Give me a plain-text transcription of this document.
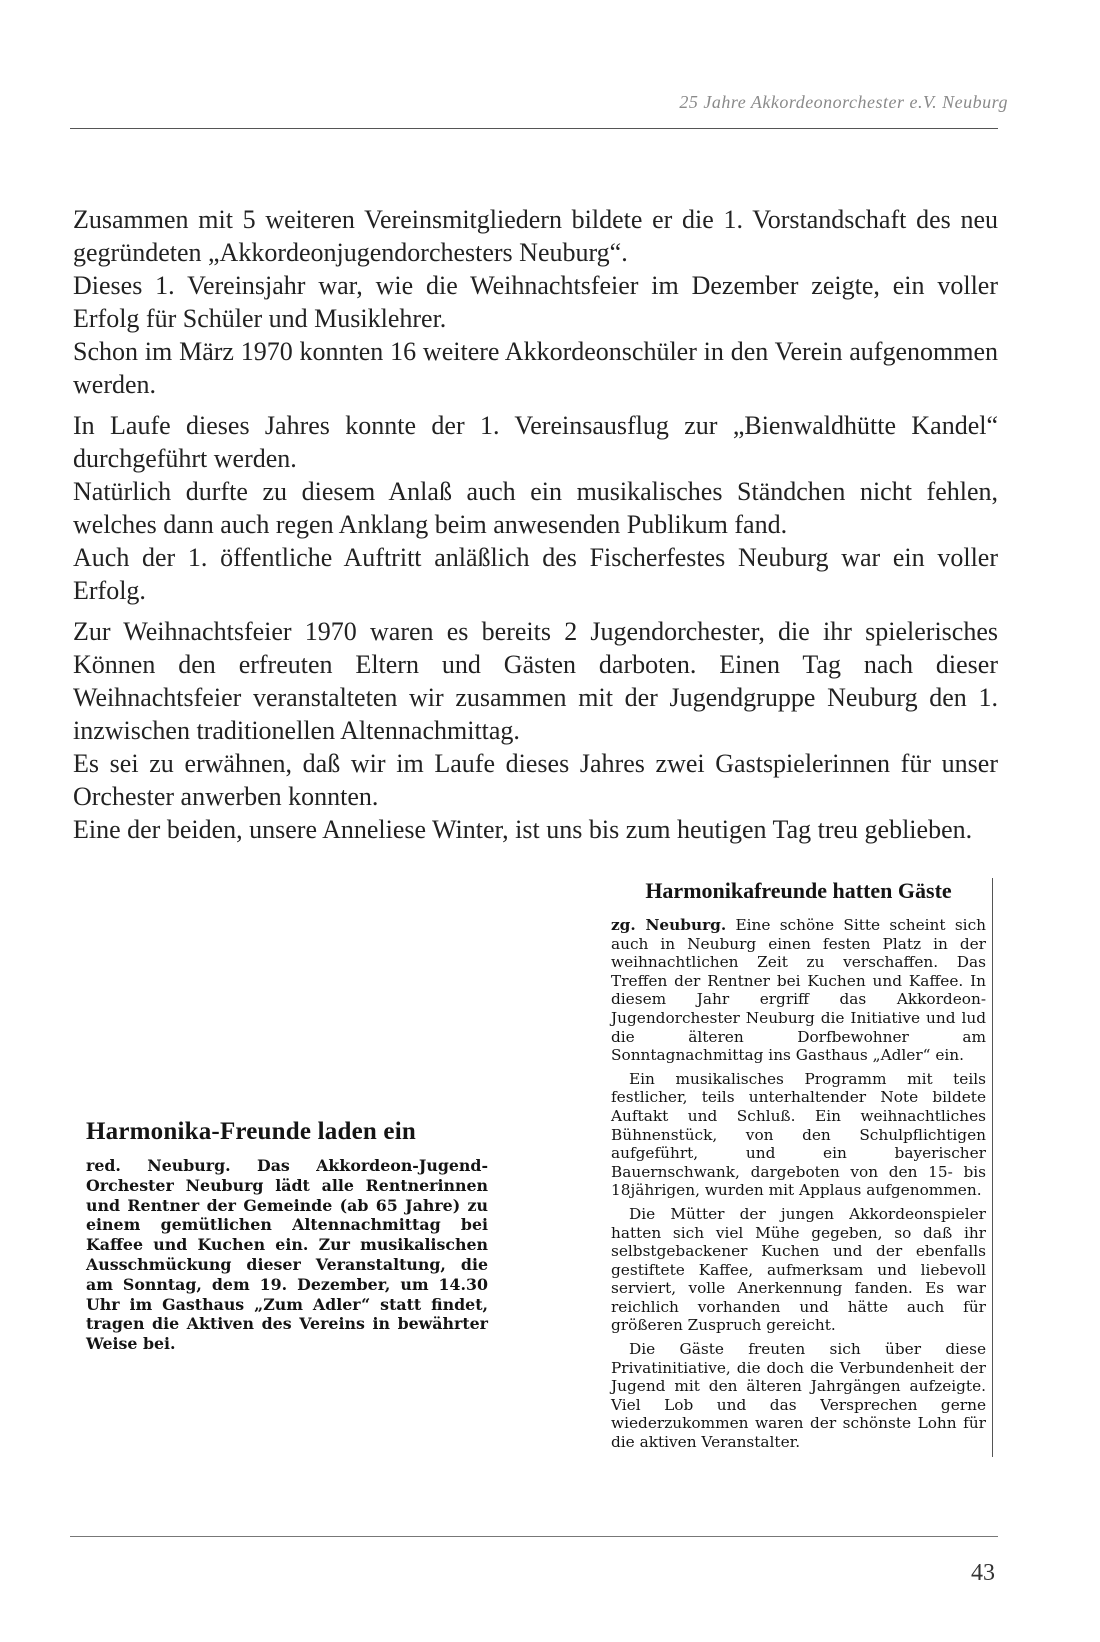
25 Jahre Akkordeonorchester e.V. Neuburg

Zusammen mit 5 weiteren Vereinsmitgliedern bildete er die 1. Vorstandschaft des neu gegründeten „Akkordeonjugendorchesters Neuburg“.

Dieses 1. Vereinsjahr war, wie die Weihnachtsfeier im Dezember zeigte, ein voller Erfolg für Schüler und Musiklehrer.

Schon im März 1970 konnten 16 weitere Akkordeonschüler in den Verein aufgenommen werden.

In Laufe dieses Jahres konnte der 1. Vereinsausflug zur „Bienwaldhütte Kandel“ durchgeführt werden.

Natürlich durfte zu diesem Anlaß auch ein musikalisches Ständchen nicht fehlen, welches dann auch regen Anklang beim anwesenden Publikum fand.

Auch der 1. öffentliche Auftritt anläßlich des Fischerfestes Neuburg war ein voller Erfolg.

Zur Weihnachtsfeier 1970 waren es bereits 2 Jugendorchester, die ihr spielerisches Können den erfreuten Eltern und Gästen darboten. Einen Tag nach dieser Weihnachtsfeier veranstalteten wir zusammen mit der Jugendgruppe Neuburg den 1. inzwischen traditionellen Altennachmittag.

Es sei zu erwähnen, daß wir im Laufe dieses Jahres zwei Gastspielerinnen für unser Orchester anwerben konnten.

Eine der beiden, unsere Anneliese Winter, ist uns bis zum heutigen Tag treu geblieben.

Harmonikafreunde hatten Gäste

zg. Neuburg. Eine schöne Sitte scheint sich auch in Neuburg einen festen Platz in der weihnachtlichen Zeit zu verschaffen. Das Treffen der Rentner bei Kuchen und Kaffee. In diesem Jahr ergriff das Akkordeon-Jugendorchester Neuburg die Initiative und lud die älteren Dorfbewohner am Sonntagnachmittag ins Gasthaus „Adler“ ein.

Ein musikalisches Programm mit teils festlicher, teils unterhaltender Note bildete Auftakt und Schluß. Ein weihnachtliches Bühnenstück, von den Schulpflichtigen aufgeführt, und ein bayerischer Bauernschwank, dargeboten von den 15- bis 18jährigen, wurden mit Applaus aufgenommen.

Die Mütter der jungen Akkordeonspieler hatten sich viel Mühe gegeben, so daß ihr selbstgebackener Kuchen und der ebenfalls gestiftete Kaffee, aufmerksam und liebevoll serviert, volle Anerkennung fanden. Es war reichlich vorhanden und hätte auch für größeren Zuspruch gereicht.

Die Gäste freuten sich über diese Privatinitiative, die doch die Verbundenheit der Jugend mit den älteren Jahrgängen aufzeigte. Viel Lob und das Versprechen gerne wiederzukommen waren der schönste Lohn für die aktiven Veranstalter.

Harmonika-Freunde laden ein

red. Neuburg. Das Akkordeon-Jugend-Orchester Neuburg lädt alle Rentnerinnen und Rentner der Gemeinde (ab 65 Jahre) zu einem gemütlichen Altennachmittag bei Kaffee und Kuchen ein. Zur musikalischen Ausschmückung dieser Veranstaltung, die am Sonntag, dem 19. Dezember, um 14.30 Uhr im Gasthaus „Zum Adler“ statt findet, tragen die Aktiven des Vereins in bewährter Weise bei.

43
